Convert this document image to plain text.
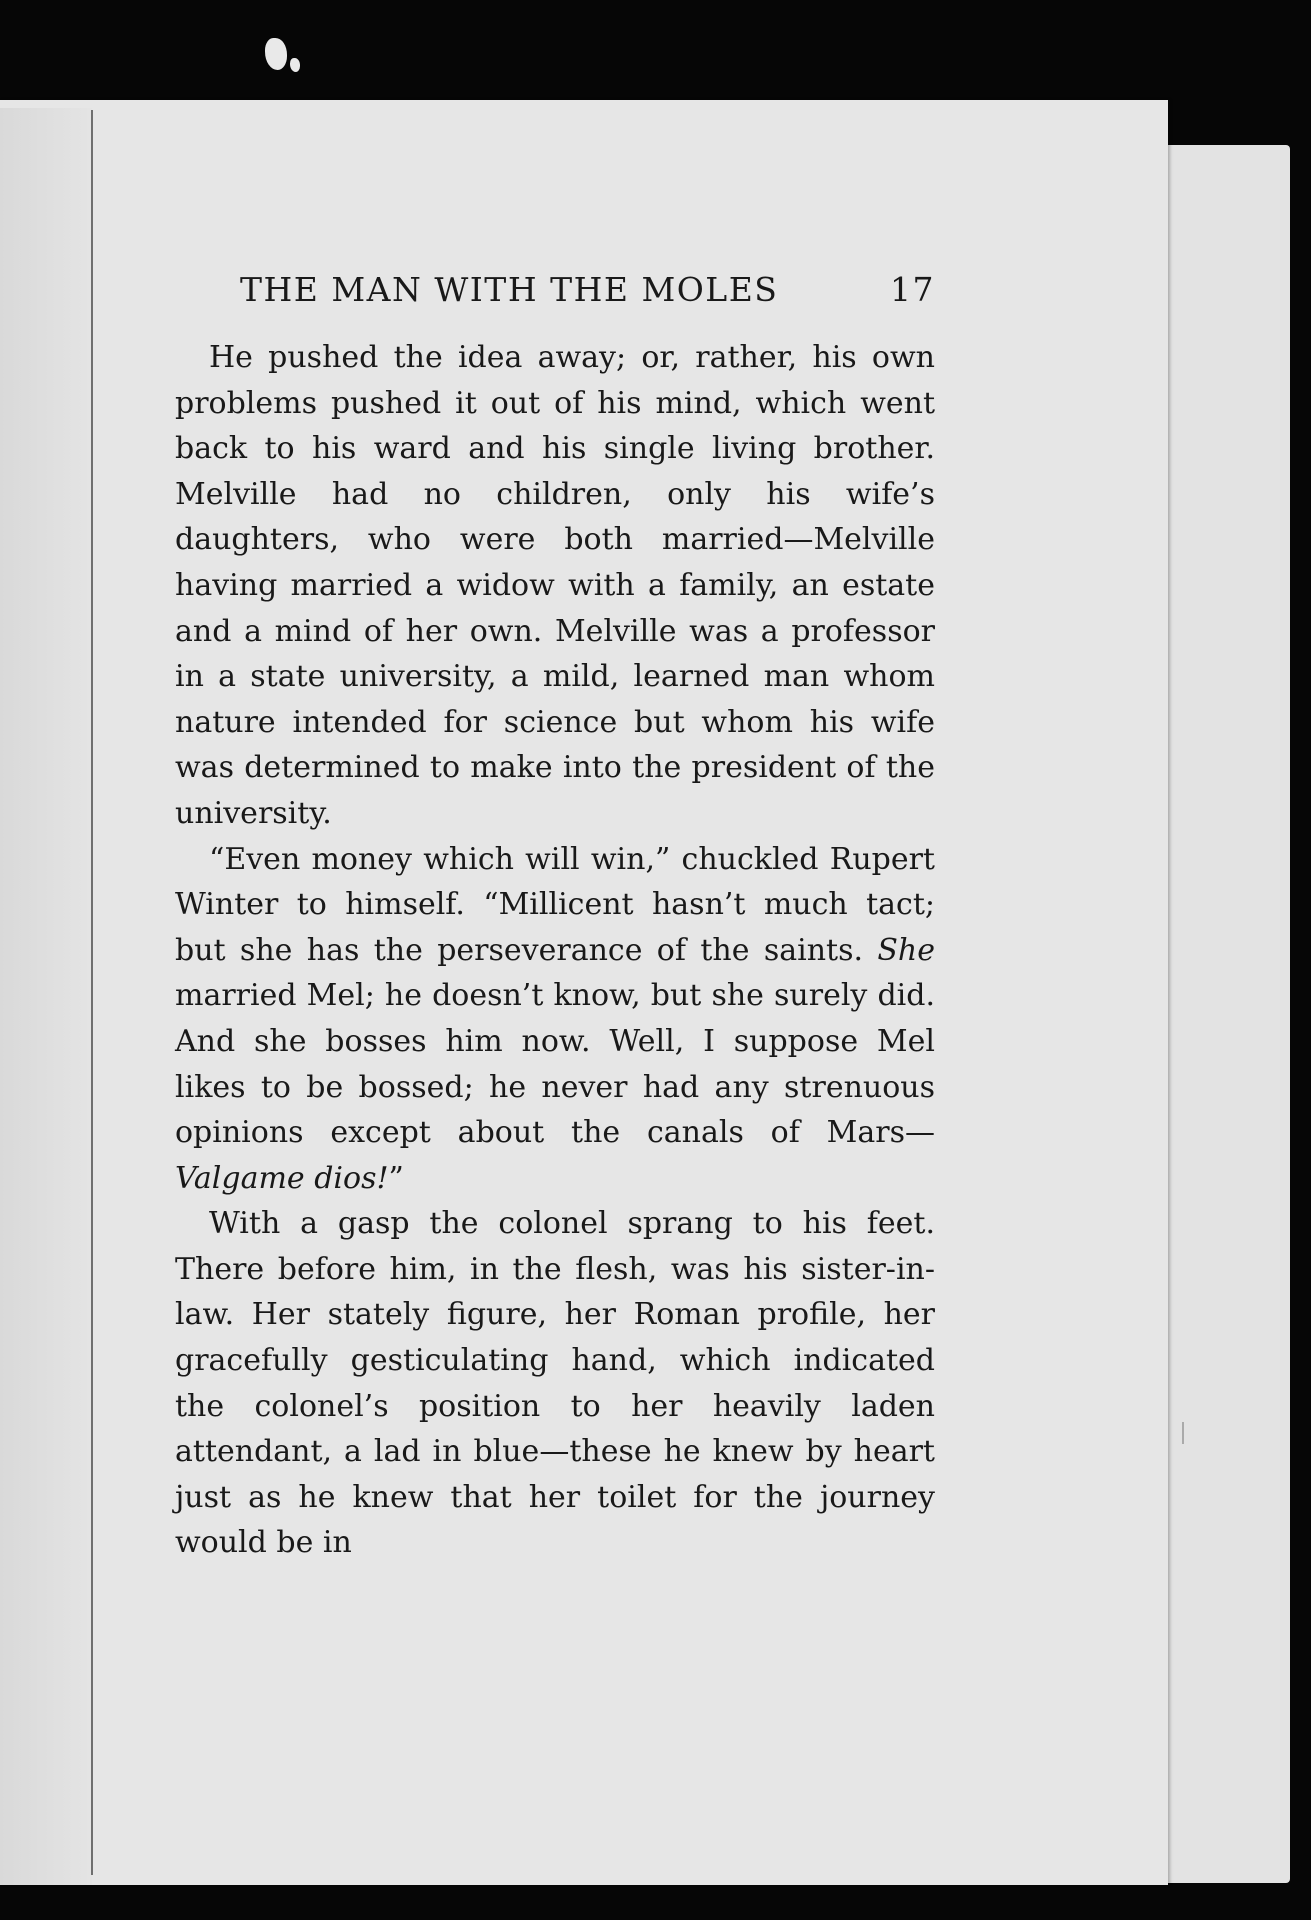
THE MAN WITH THE MOLES	17

He pushed the idea away; or, rather, his own problems pushed it out of his mind, which went back to his ward and his single living brother. Melville had no children, only his wife’s daughters, who were both married—Melville having married a widow with a family, an estate and a mind of her own. Melville was a professor in a state university, a mild, learned man whom nature intended for science but whom his wife was determined to make into the president of the university.

“Even money which will win,” chuckled Rupert Winter to himself. “Millicent hasn’t much tact; but she has the perseverance of the saints. She married Mel; he doesn’t know, but she surely did. And she bosses him now. Well, I suppose Mel likes to be bossed; he never had any strenuous opinions except about the canals of Mars—Valgame dios!”

With a gasp the colonel sprang to his feet. There before him, in the flesh, was his sister-in-law. Her stately figure, her Roman profile, her gracefully gesticulating hand, which indicated the colonel’s position to her heavily laden attendant, a lad in blue—these he knew by heart just as he knew that her toilet for the journey would be in
